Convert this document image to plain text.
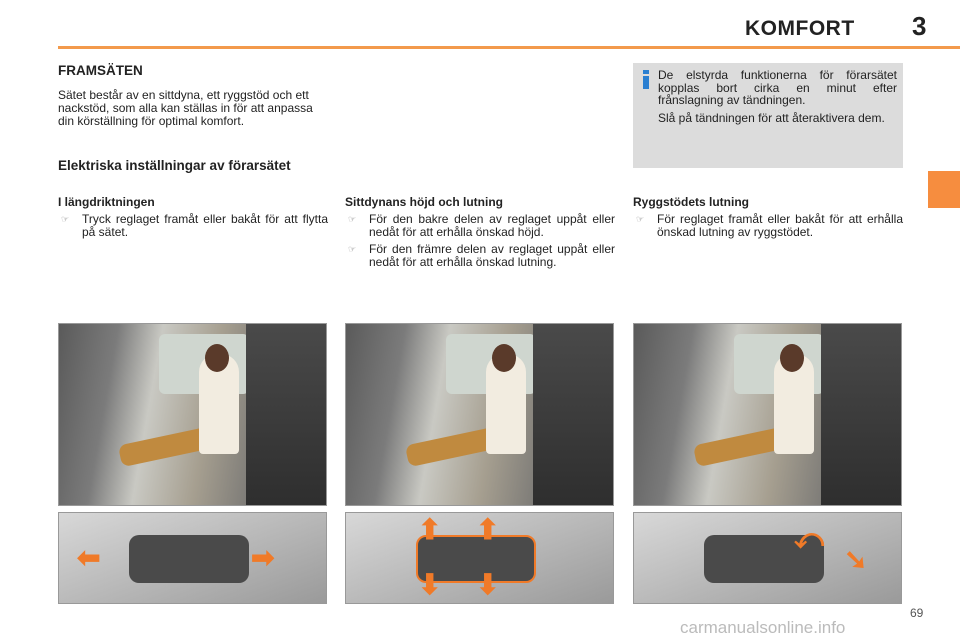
KOMFORT 3
FRAMSÄTEN
Sätet består av en sittdyna, ett ryggstöd och ett nackstöd, som alla kan ställas in för att anpassa din körställning för optimal komfort.
Elektriska inställningar av förarsätet
I längdriktningen
☞	Tryck reglaget framåt eller bakåt för att flytta på sätet.
Sittdynans höjd och lutning
☞	För den bakre delen av reglaget uppåt eller nedåt för att erhålla önskad höjd.
☞	För den främre delen av reglaget uppåt eller nedåt för att erhålla önskad lutning.
Ryggstödets lutning
☞	För reglaget framåt eller bakåt för att erhålla önskad lutning av ryggstödet.

De elstyrda funktionerna för förarsätet kopplas bort cirka en minut efter frånslagning av tändningen.

Slå på tändningen för att återaktivera dem.

⬅	➡
⬆ ⬆
⬇ ⬇
⤺
➘
69
carmanualsonline.info
